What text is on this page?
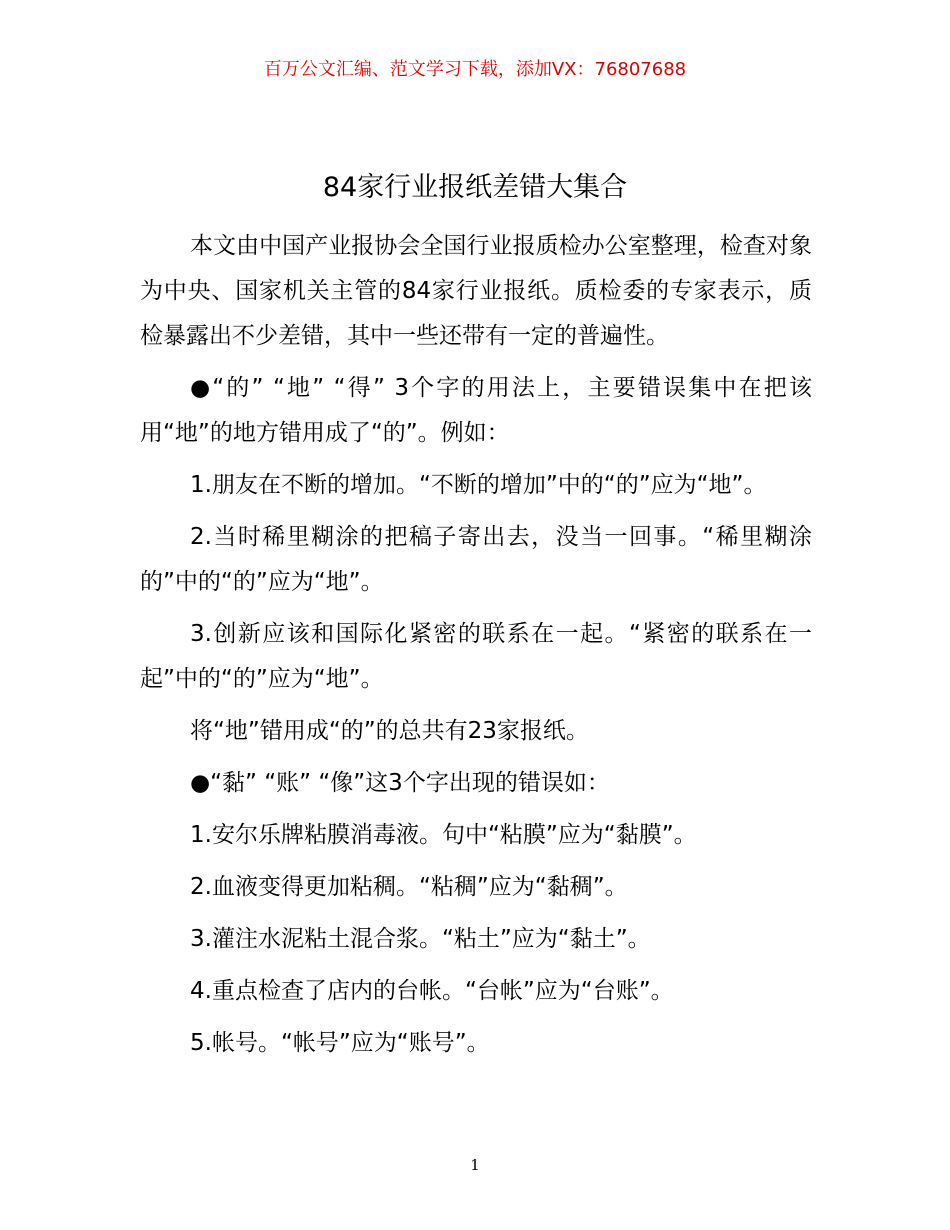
百万公文汇编、范文学习下载，添加VX：76807688
84家行业报纸差错大集合

本文由中国产业报协会全国行业报质检办公室整理，检查对象为中央、国家机关主管的84家行业报纸。质检委的专家表示，质检暴露出不少差错，其中一些还带有一定的普遍性。

●“的” “地” “得” 3个字的用法上，主要错误集中在把该用“地”的地方错用成了“的”。例如：

1.朋友在不断的增加。“不断的增加”中的“的”应为“地”。

2.当时稀里糊涂的把稿子寄出去，没当一回事。“稀里糊涂的”中的“的”应为“地”。

3.创新应该和国际化紧密的联系在一起。“紧密的联系在一起”中的“的”应为“地”。

将“地”错用成“的”的总共有23家报纸。

●“黏” “账” “像”这3个字出现的错误如：

1.安尔乐牌粘膜消毒液。句中“粘膜”应为“黏膜”。

2.血液变得更加粘稠。“粘稠”应为“黏稠”。

3.灌注水泥粘土混合浆。“粘土”应为“黏土”。

4.重点检查了店内的台帐。“台帐”应为“台账”。

5.帐号。“帐号”应为“账号”。

1
